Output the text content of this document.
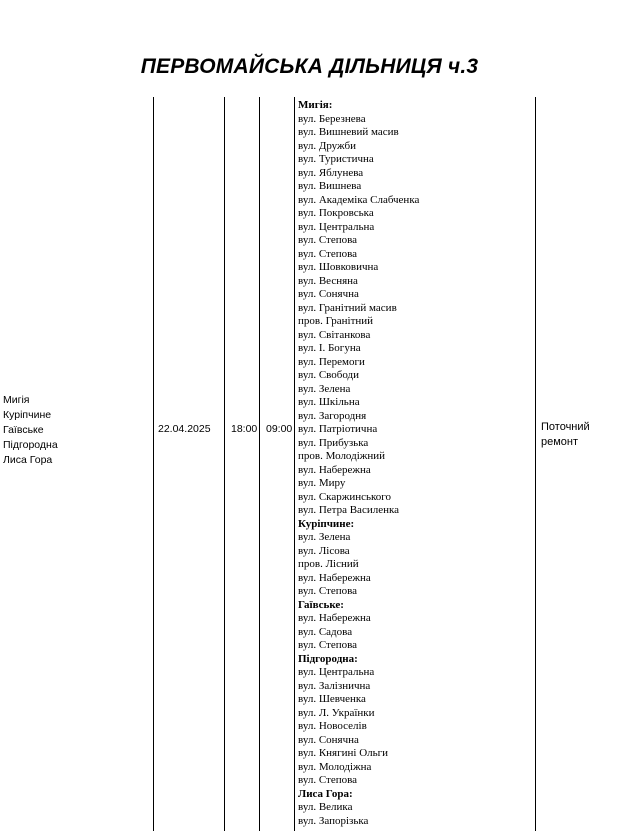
ПЕРВОМАЙСЬКА ДІЛЬНИЦЯ ч.3
Мигія
Куріпчине
Гаївське
Підгородна
Лиса Гора
22.04.2025 18:00 09:00	Поточний
ремонт
Мигія:
вул. Березнева
вул. Вишневий масив
вул. Дружби
вул. Туристична
вул. Яблунева
вул. Вишнева
вул. Академіка Слабченка
вул. Покровська
вул. Центральна
вул. Степова
вул. Степова
вул. Шовковична
вул. Весняна
вул. Сонячна
вул. Гранітний масив
пров. Гранітний
вул. Світанкова
вул. І. Богуна
вул. Перемоги
вул. Свободи
вул. Зелена
вул. Шкільна
вул. Загородня
вул. Патріотична
вул. Прибузька
пров. Молодіжний
вул. Набережна
вул. Миру
вул. Скаржинського
вул. Петра Василенка
Куріпчине:
вул. Зелена
вул. Лісова
пров. Лісний
вул. Набережна
вул. Степова
Гаївське:
вул. Набережна
вул. Садова
вул. Степова
Підгородна:
вул. Центральна
вул. Залізнична
вул. Шевченка
вул. Л. Українки
вул. Новоселів
вул. Сонячна
вул. Княгині Ольги
вул. Молодіжна
вул. Степова
Лиса Гора:
вул. Велика
вул. Запорізька
